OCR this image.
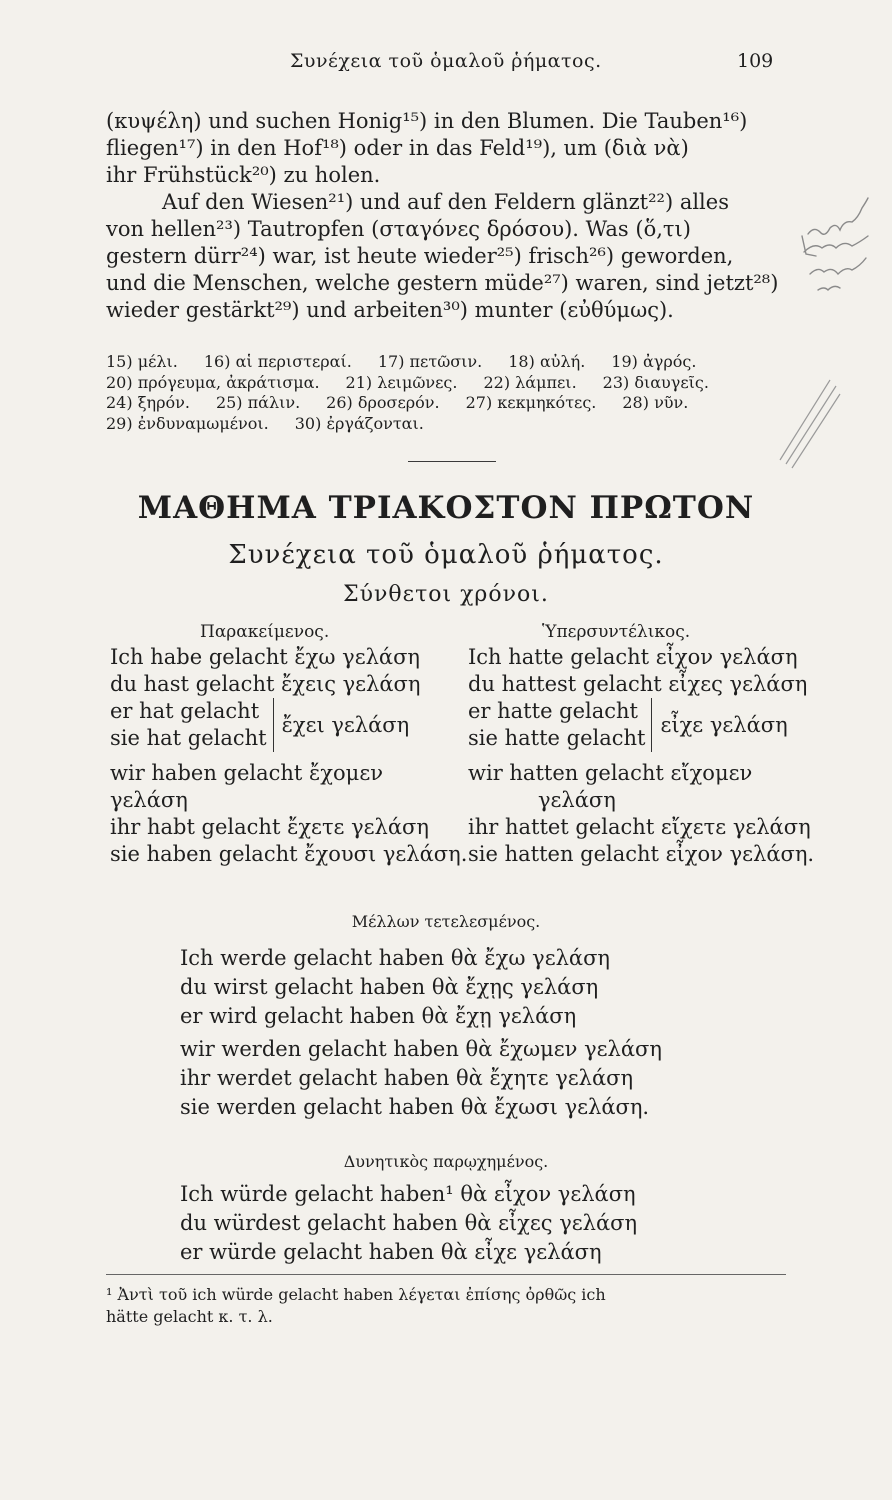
Συνέχεια τοῦ ὁμαλοῦ ῥήματος.	109

(κυψέλη) und suchen Honig¹⁵) in den Blumen. Die Tauben¹⁶)

fliegen¹⁷) in den Hof¹⁸) oder in das Feld¹⁹), um (διὰ νὰ)

ihr Frühstück²⁰) zu holen.

Auf den Wiesen²¹) und auf den Feldern glänzt²²) alles

von hellen²³) Tautropfen (σταγόνες δρόσου). Was (ὅ,τι)

gestern dürr²⁴) war, ist heute wieder²⁵) frisch²⁶) geworden,

und die Menschen, welche gestern müde²⁷) waren, sind jetzt²⁸)

wieder gestärkt²⁹) und arbeiten³⁰) munter (εὐθύμως).

15) μέλι. 16) αἱ περιστεραί. 17) πετῶσιν. 18) αὐλή. 19) ἀγρός.
20) πρόγευμα, ἀκράτισμα. 21) λειμῶνες. 22) λάμπει. 23) διαυγεῖς.
24) ξηρόν. 25) πάλιν. 26) δροσερόν. 27) κεκμηκότες. 28) νῦν.
29) ἐνδυναμωμένοι. 30) ἐργάζονται.
ΜΑΘΗΜΑ ΤΡΙΑΚΟΣΤΟΝ ΠΡΩΤΟΝ
Συνέχεια τοῦ ὁμαλοῦ ῥήματος.
Σύνθετοι χρόνοι.
Παρακείμενος.	Ὑπερσυντέλικος.
Ich habe gelacht ἔχω γελάση
du hast gelacht ἔχεις γελάση
er hat gelacht
sie hat gelacht
ἔχει γελάση
wir haben gelacht ἔχομεν
γελάση
ihr habt gelacht ἔχετε γελάση
sie haben gelacht ἔχουσι γελάση.
Ich hatte gelacht εἶχον γελάση
du hattest gelacht εἶχες γελάση
er hatte gelacht
sie hatte gelacht
εἶχε γελάση
wir hatten gelacht εἴχομεν
γελάση
ihr hattet gelacht εἴχετε γελάση
sie hatten gelacht εἶχον γελάση.
Μέλλων τετελεσμένος.
Ich werde gelacht haben θὰ ἔχω γελάση
du wirst gelacht haben θὰ ἔχῃς γελάση
er wird gelacht haben θὰ ἔχῃ γελάση
wir werden gelacht haben θὰ ἔχωμεν γελάση
ihr werdet gelacht haben θὰ ἔχητε γελάση
sie werden gelacht haben θὰ ἔχωσι γελάση.
Δυνητικὸς παρῳχημένος.
Ich würde gelacht haben¹ θὰ εἶχον γελάση
du würdest gelacht haben θὰ εἶχες γελάση
er würde gelacht haben θὰ εἶχε γελάση
¹ Ἀντὶ τοῦ ich würde gelacht haben λέγεται ἐπίσης ὀρθῶς ich
hätte gelacht κ. τ. λ.
